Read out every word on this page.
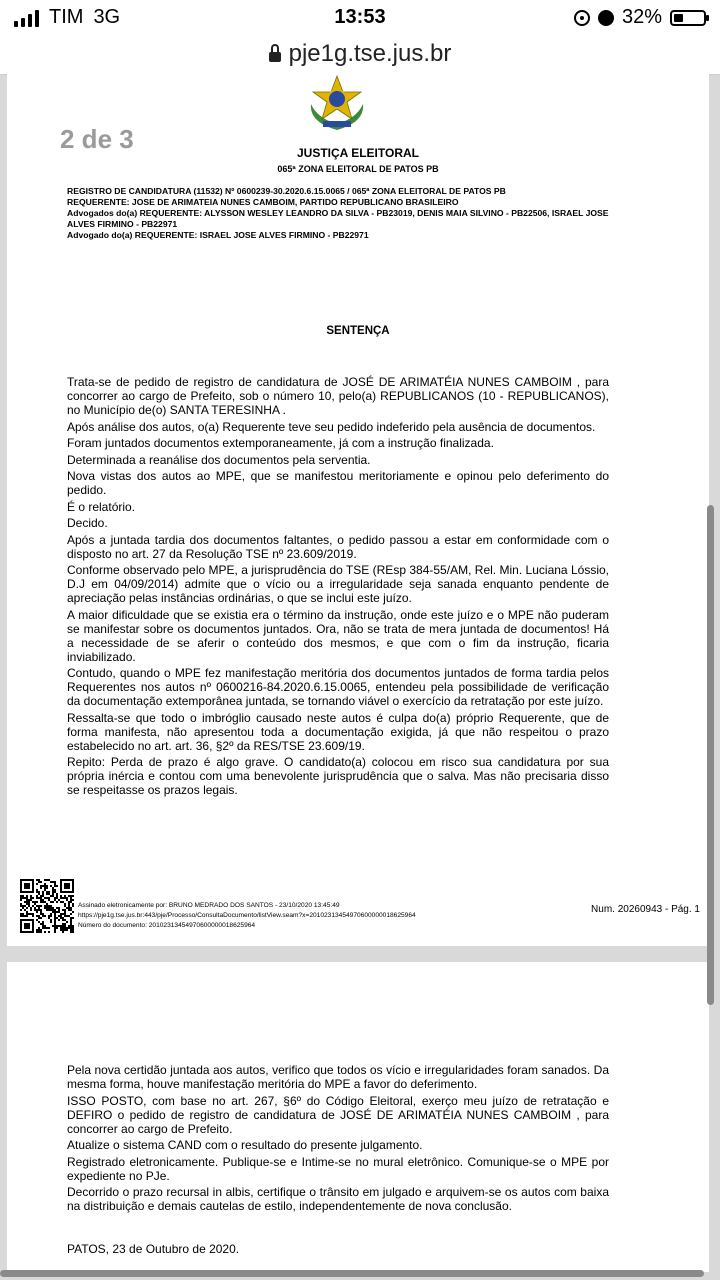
TIM 3G	13:53	32%
pje1g.tse.jus.br
2 de 3	JUSTIÇA ELEITORAL
065ª ZONA ELEITORAL DE PATOS PB
REGISTRO DE CANDIDATURA (11532) Nº 0600239-30.2020.6.15.0065 / 065ª ZONA ELEITORAL DE PATOS PB
REQUERENTE: JOSE DE ARIMATEIA NUNES CAMBOIM, PARTIDO REPUBLICANO BRASILEIRO
Advogados do(a) REQUERENTE: ALYSSON WESLEY LEANDRO DA SILVA - PB23019, DENIS MAIA SILVINO - PB22506, ISRAEL JOSE ALVES FIRMINO - PB22971
Advogado do(a) REQUERENTE: ISRAEL JOSE ALVES FIRMINO - PB22971
SENTENÇA

Trata-se de pedido de registro de candidatura de JOSÉ DE ARIMATÉIA NUNES CAMBOIM , para concorrer ao cargo de Prefeito, sob o número 10, pelo(a) REPUBLICANOS (10 - REPUBLICANOS), no Município de(o) SANTA TERESINHA .

Após análise dos autos, o(a) Requerente teve seu pedido indeferido pela ausência de documentos.

Foram juntados documentos extemporaneamente, já com a instrução finalizada.

Determinada a reanálise dos documentos pela serventia.

Nova vistas dos autos ao MPE, que se manifestou meritoriamente e opinou pelo deferimento do pedido.

É o relatório.

Decido.

Após a juntada tardia dos documentos faltantes, o pedido passou a estar em conformidade com o disposto no art. 27 da Resolução TSE nº 23.609/2019.

Conforme observado pelo MPE, a jurisprudência do TSE (REsp 384-55/AM, Rel. Min. Luciana Lóssio, D.J em 04/09/2014) admite que o vício ou a irregularidade seja sanada enquanto pendente de apreciação pelas instâncias ordinárias, o que se inclui este juízo.

A maior dificuldade que se existia era o término da instrução, onde este juízo e o MPE não puderam se manifestar sobre os documentos juntados. Ora, não se trata de mera juntada de documentos! Há a necessidade de se aferir o conteúdo dos mesmos, e que com o fim da instrução, ficaria inviabilizado.

Contudo, quando o MPE fez manifestação meritória dos documentos juntados de forma tardia pelos Requerentes nos autos nº 0600216-84.2020.6.15.0065, entendeu pela possibilidade de verificação da documentação extemporânea juntada, se tornando viável o exercício da retratação por este juízo.

Ressalta-se que todo o imbróglio causado neste autos é culpa do(a) próprio Requerente, que de forma manifesta, não apresentou toda a documentação exigida, já que não respeitou o prazo estabelecido no art. art. 36, §2º da RES/TSE 23.609/19.

Repito: Perda de prazo é algo grave. O candidato(a) colocou em risco sua candidatura por sua própria inércia e contou com uma benevolente jurisprudência que o salva. Mas não precisaria disso se respeitasse os prazos legais.

Assinado eletronicamente por: BRUNO MEDRADO DOS SANTOS - 23/10/2020 13:45:49
https://pje1g.tse.jus.br:443/pje/Processo/ConsultaDocumento/listView.seam?x=20102313454970600000018625964
Número do documento: 20102313454970600000018625964
Num. 20260943 - Pág. 1

Pela nova certidão juntada aos autos, verifico que todos os vício e irregularidades foram sanados. Da mesma forma, houve manifestação meritória do MPE a favor do deferimento.

ISSO POSTO, com base no art. 267, §6º do Código Eleitoral, exerço meu juízo de retratação e DEFIRO o pedido de registro de candidatura de JOSÉ DE ARIMATÉIA NUNES CAMBOIM , para concorrer ao cargo de Prefeito.

Atualize o sistema CAND com o resultado do presente julgamento.

Registrado eletronicamente. Publique-se e Intime-se no mural eletrônico. Comunique-se o MPE por expediente no PJe.

Decorrido o prazo recursal in albis, certifique o trânsito em julgado e arquivem-se os autos com baixa na distribuição e demais cautelas de estilo, independentemente de nova conclusão.

PATOS, 23 de Outubro de 2020.
